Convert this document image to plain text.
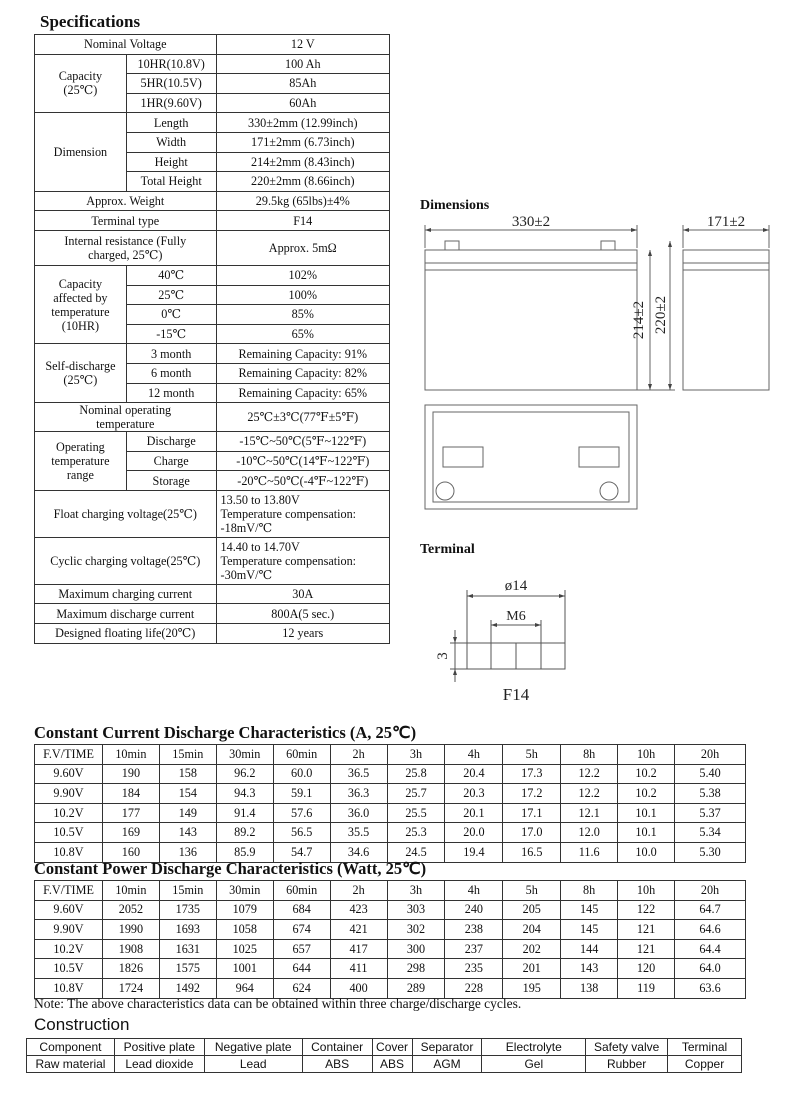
Specifications
Nominal Voltage		12 V
Capacity (25℃)	10HR(10.8V)	100 Ah
	5HR(10.5V)	85Ah
	1HR(9.60V)	60Ah
Dimension	Length	330±2mm (12.99inch)
	Width	171±2mm (6.73inch)
	Height	214±2mm (8.43inch)
	Total Height	220±2mm (8.66inch)
Approx. Weight		29.5kg (65lbs)±4%
Terminal type		F14
Internal resistance (Fully charged, 25℃)		Approx. 5mΩ
Capacity affected by temperature (10HR)	40℃	102%
	25℃	100%
	0℃	85%
	-15℃	65%
Self-discharge (25℃)	3 month	Remaining Capacity: 91%
	6 month	Remaining Capacity: 82%
	12 month	Remaining Capacity: 65%
Nominal operating temperature		25℃±3℃(77℉±5℉)
Operating temperature range	Discharge	-15℃~50℃(5℉~122℉)
	Charge	-10℃~50℃(14℉~122℉)
	Storage	-20℃~50℃(-4℉~122℉)
Float charging voltage(25℃)		13.50 to 13.80V
Temperature compensation:
-18mV/℃

Cyclic charging voltage(25℃)		14.40 to 14.70V
Temperature compensation:
-30mV/℃

Maximum charging current		30A
Maximum discharge current		800A(5 sec.)
Designed floating life(20℃)		12 years
Dimensions
330±2	171±2
214±2 220±2
Terminal
ø14
M6
3
F14
Constant Current Discharge Characteristics (A, 25℃)
F.V/TIME	10min	15min	30min	60min	2h	3h	4h	5h	8h	10h	20h
9.60V	190	158	96.2	60.0	36.5	25.8	20.4	17.3	12.2	10.2	5.40
9.90V	184	154	94.3	59.1	36.3	25.7	20.3	17.2	12.2	10.2	5.38
10.2V	177	149	91.4	57.6	36.0	25.5	20.1	17.1	12.1	10.1	5.37
10.5V	169	143	89.2	56.5	35.5	25.3	20.0	17.0	12.0	10.1	5.34
10.8V	160	136	85.9	54.7	34.6	24.5	19.4	16.5	11.6	10.0	5.30
Constant Power Discharge Characteristics (Watt, 25℃)
F.V/TIME	10min	15min	30min	60min	2h	3h	4h	5h	8h	10h	20h
9.60V	2052	1735	1079	684	423	303	240	205	145	122	64.7
9.90V	1990	1693	1058	674	421	302	238	204	145	121	64.6
10.2V	1908	1631	1025	657	417	300	237	202	144	121	64.4
10.5V	1826	1575	1001	644	411	298	235	201	143	120	64.0
10.8V	1724	1492	964	624	400	289	228	195	138	119	63.6
Note: The above characteristics data can be obtained within three charge/discharge cycles.
Construction
Component	Positive plate	Negative plate	Container	Cover	Separator	Electrolyte	Safety valve	Terminal
Raw material	Lead dioxide	Lead	ABS	ABS	AGM	Gel	Rubber	Copper
